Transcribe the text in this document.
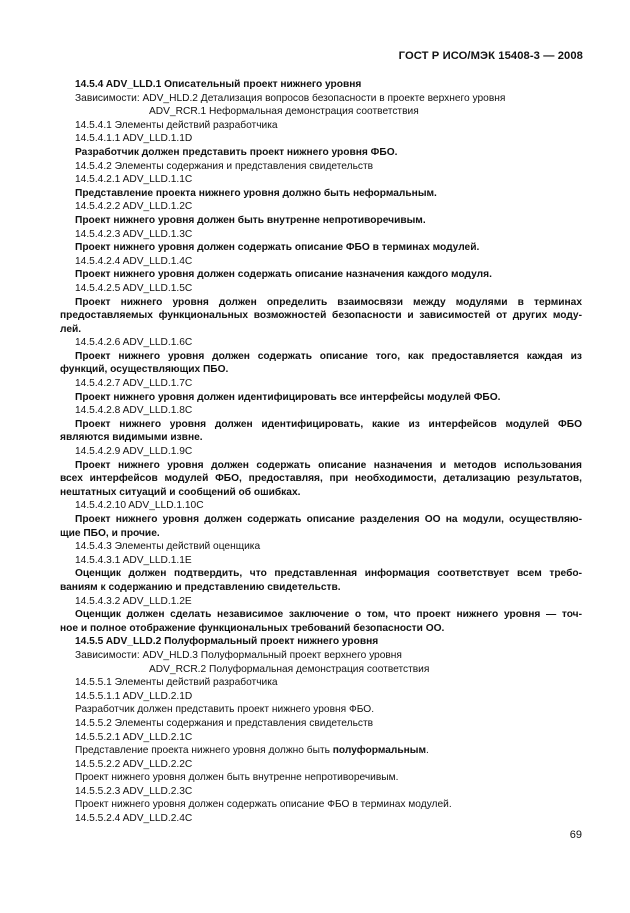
ГОСТ Р ИСО/МЭК 15408-3 — 2008
14.5.4 ADV_LLD.1 Описательный проект нижнего уровня
Зависимости: ADV_HLD.2 Детализация вопросов безопасности в проекте верхнего уровня
ADV_RCR.1 Неформальная демонстрация соответствия
14.5.4.1 Элементы действий разработчика
14.5.4.1.1 ADV_LLD.1.1D
Разработчик должен представить проект нижнего уровня ФБО.
14.5.4.2 Элементы содержания и представления свидетельств
14.5.4.2.1 ADV_LLD.1.1C
Представление проекта нижнего уровня должно быть неформальным.
14.5.4.2.2 ADV_LLD.1.2C
Проект нижнего уровня должен быть внутренне непротиворечивым.
14.5.4.2.3 ADV_LLD.1.3C
Проект нижнего уровня должен содержать описание ФБО в терминах модулей.
14.5.4.2.4 ADV_LLD.1.4C
Проект нижнего уровня должен содержать описание назначения каждого модуля.
14.5.4.2.5 ADV_LLD.1.5C
Проект нижнего уровня должен определить взаимосвязи между модулями в терминах
предоставляемых функциональных возможностей безопасности и зависимостей от других моду-
лей.
14.5.4.2.6 ADV_LLD.1.6C
Проект нижнего уровня должен содержать описание того, как предоставляется каждая из
функций, осуществляющих ПБО.
14.5.4.2.7 ADV_LLD.1.7C
Проект нижнего уровня должен идентифицировать все интерфейсы модулей ФБО.
14.5.4.2.8 ADV_LLD.1.8C
Проект нижнего уровня должен идентифицировать, какие из интерфейсов модулей ФБО
являются видимыми извне.
14.5.4.2.9 ADV_LLD.1.9C
Проект нижнего уровня должен содержать описание назначения и методов использования
всех интерфейсов модулей ФБО, предоставляя, при необходимости, детализацию результатов,
нештатных ситуаций и сообщений об ошибках.
14.5.4.2.10 ADV_LLD.1.10C
Проект нижнего уровня должен содержать описание разделения ОО на модули, осуществляю-
щие ПБО, и прочие.
14.5.4.3 Элементы действий оценщика
14.5.4.3.1 ADV_LLD.1.1E
Оценщик должен подтвердить, что представленная информация соответствует всем требо-
ваниям к содержанию и представлению свидетельств.
14.5.4.3.2 ADV_LLD.1.2E
Оценщик должен сделать независимое заключение о том, что проект нижнего уровня — точ-
ное и полное отображение функциональных требований безопасности ОО.
14.5.5 ADV_LLD.2 Полуформальный проект нижнего уровня
Зависимости: ADV_HLD.3 Полуформальный проект верхнего уровня
ADV_RCR.2 Полуформальная демонстрация соответствия
14.5.5.1 Элементы действий разработчика
14.5.5.1.1 ADV_LLD.2.1D
Разработчик должен представить проект нижнего уровня ФБО.
14.5.5.2 Элементы содержания и представления свидетельств
14.5.5.2.1 ADV_LLD.2.1C
Представление проекта нижнего уровня должно быть полуформальным.
14.5.5.2.2 ADV_LLD.2.2C
Проект нижнего уровня должен быть внутренне непротиворечивым.
14.5.5.2.3 ADV_LLD.2.3C
Проект нижнего уровня должен содержать описание ФБО в терминах модулей.
14.5.5.2.4 ADV_LLD.2.4C
69
